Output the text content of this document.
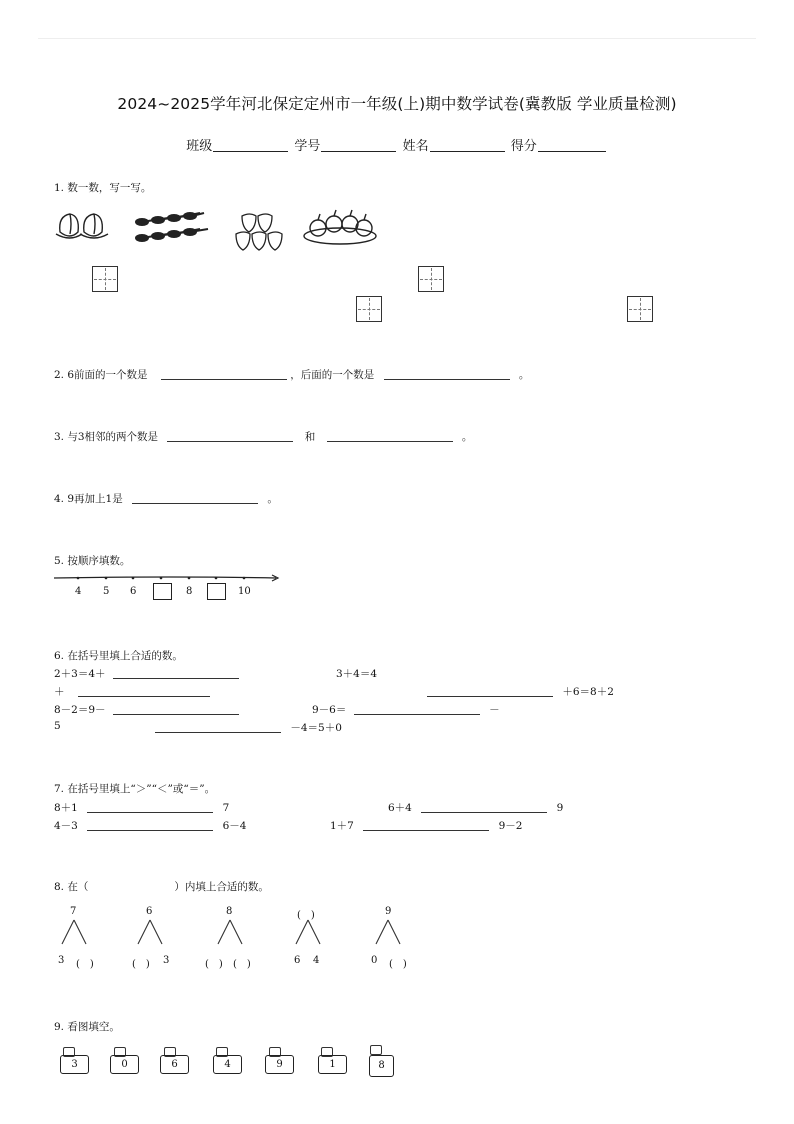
2024~2025学年河北保定定州市一年级(上)期中数学试卷(冀教版 学业质量检测)
班级	学号	姓名	得分
1. 数一数，写一写。
2. 6前面的一个数是	，后面的一个数是	。
3. 与3相邻的两个数是	和	。
4. 9再加上1是	。
5. 按顺序填数。
4 5 6	8	10
6. 在括号里填上合适的数。
2＋3＝4＋	3＋4＝4
＋	＋6＝8＋2
8－2＝9－	9－6＝	－
5	－4＝5＋0
7. 在括号里填上“＞”“＜”或“＝”。
8＋1	7	6＋4	9
4－3	6－4	1＋7	9－2
8. 在（	）内填上合适的数。
7
3 (　)
6
(　) 3
8
(　) (　)
(　)
6 4
9
0 (　)
9. 看图填空。
3	0	6	4	9	1	8
